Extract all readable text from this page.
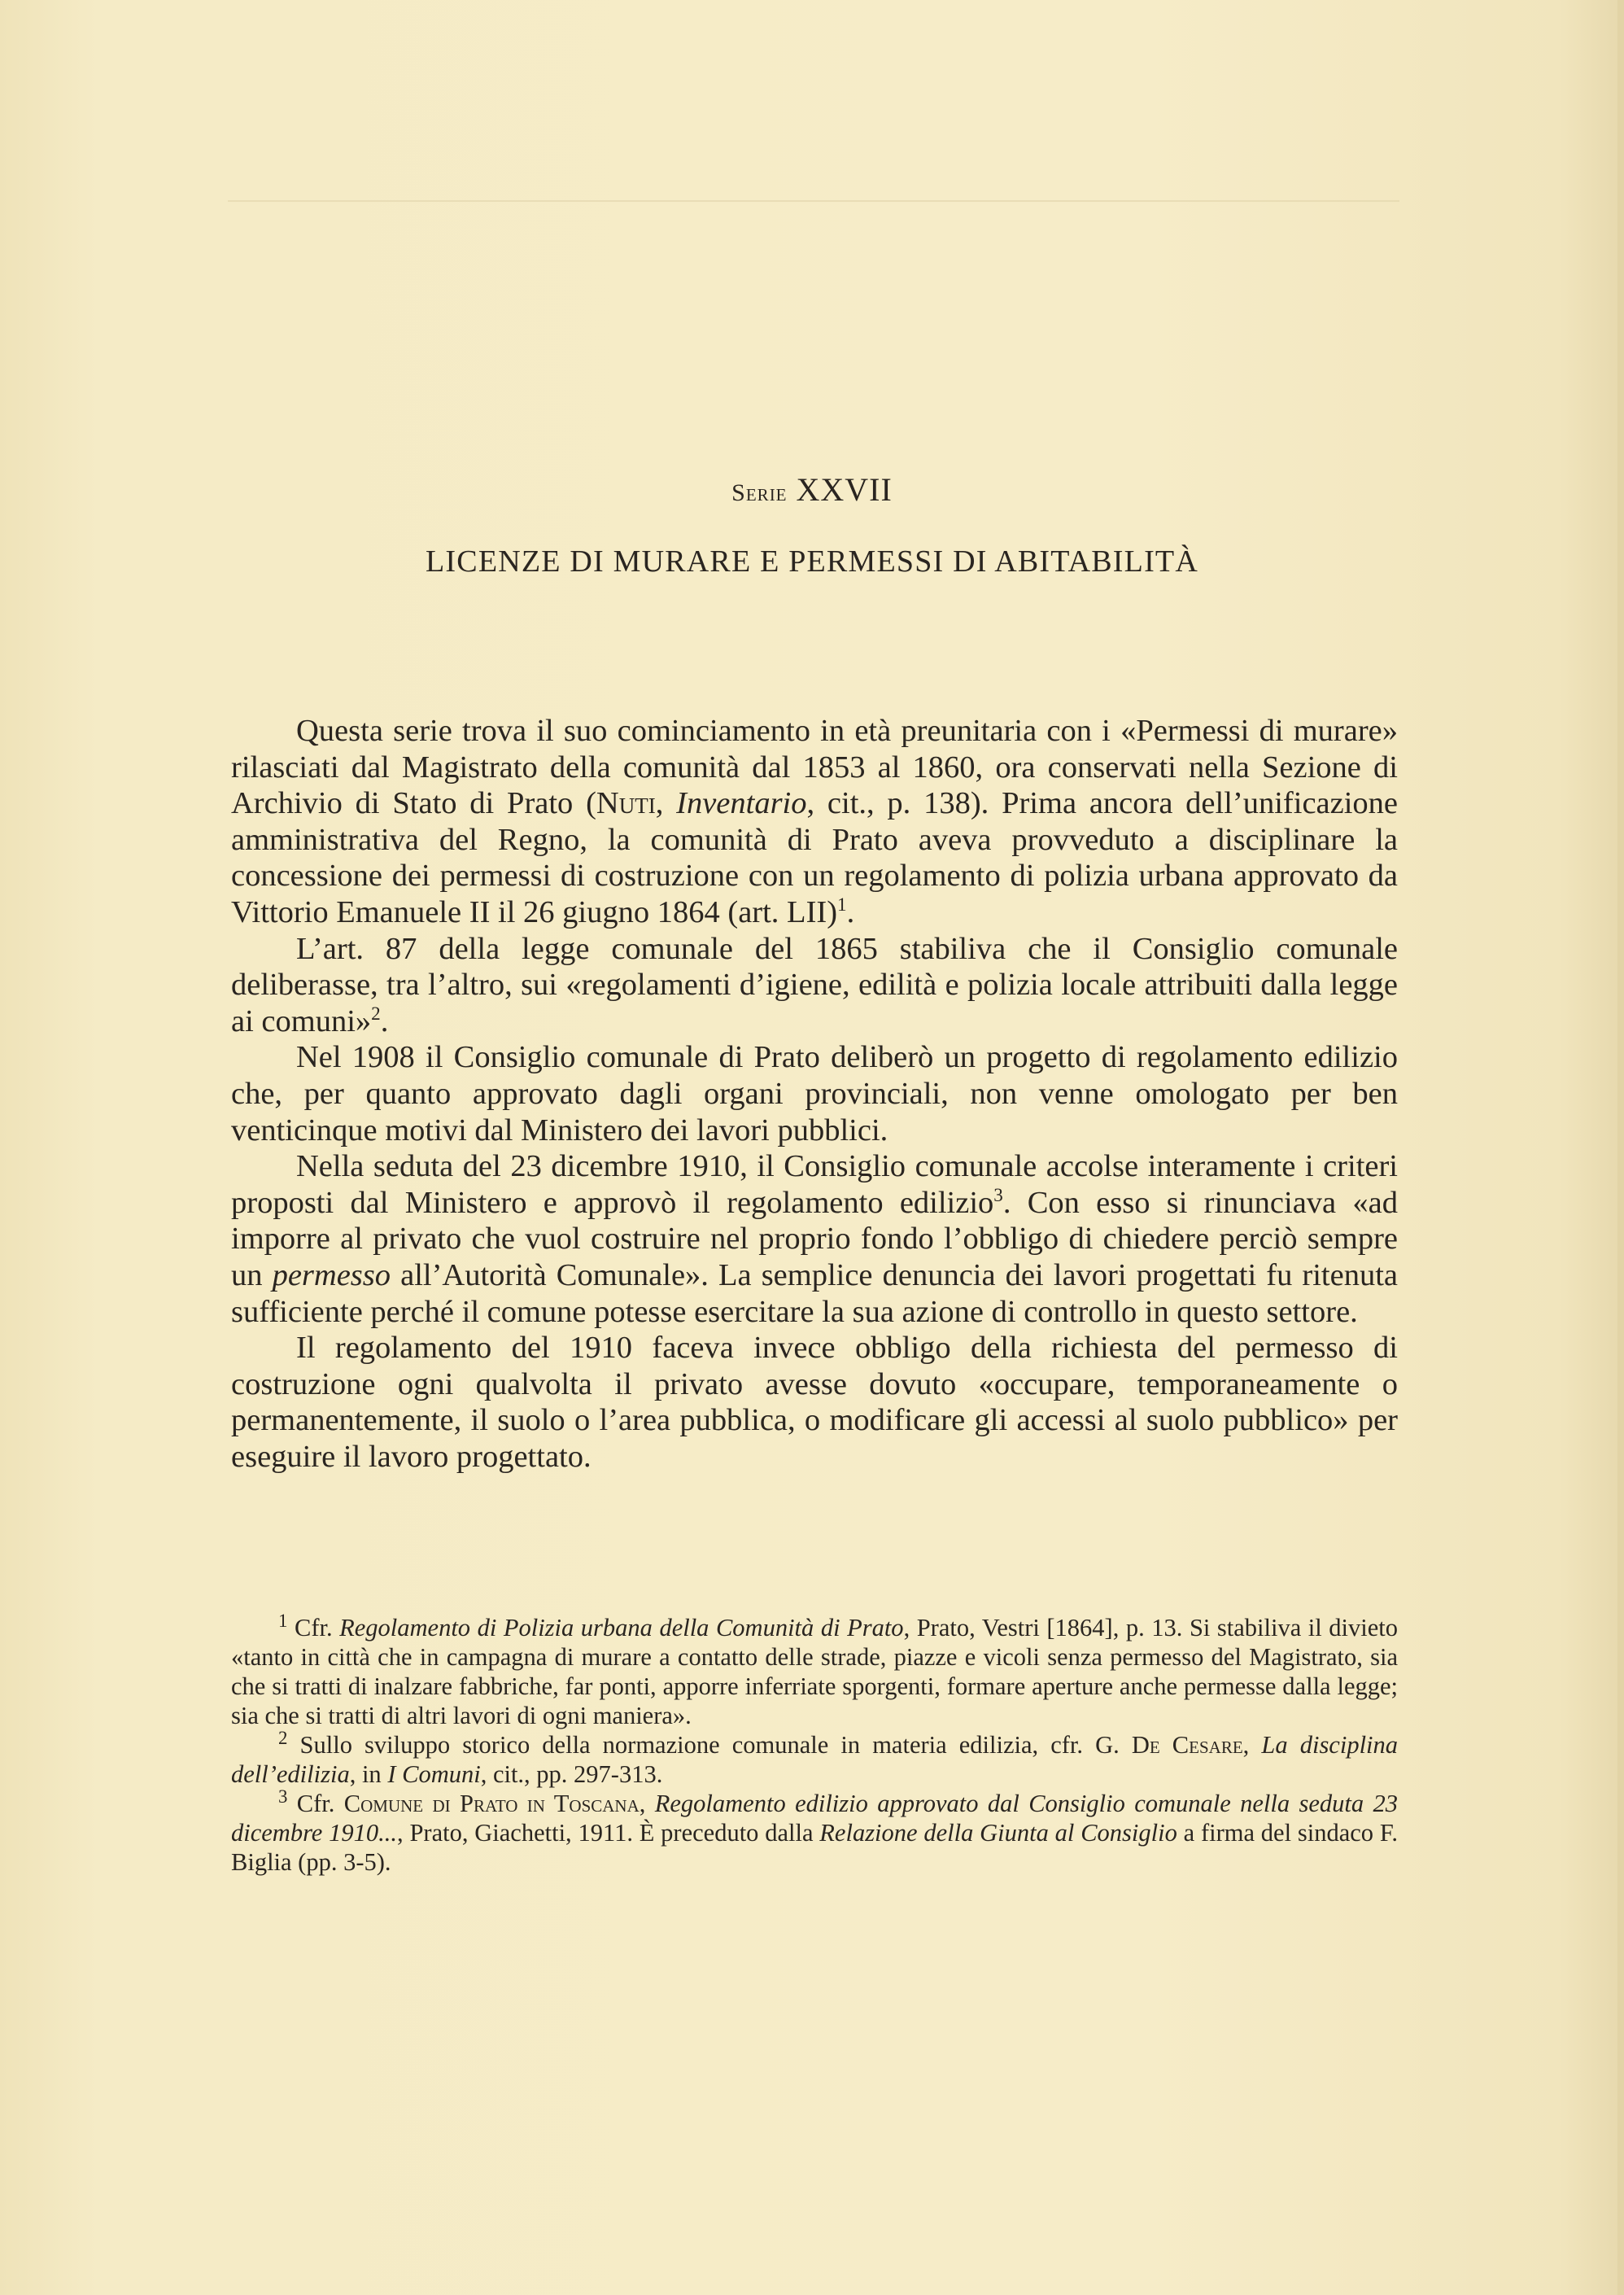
Serie XXVII
LICENZE DI MURARE E PERMESSI DI ABITABILITÀ

Questa serie trova il suo cominciamento in età preunitaria con i «Permessi di murare» rilasciati dal Magistrato della comunità dal 1853 al 1860, ora conservati nella Sezione di Archivio di Stato di Prato (Nuti, Inventario, cit., p. 138). Prima ancora dell’unificazione amministrativa del Regno, la comunità di Prato aveva provveduto a disciplinare la concessione dei permessi di costruzione con un regolamento di polizia urbana approvato da Vittorio Emanuele II il 26 giugno 1864 (art. LII)$^1$.

L’art. 87 della legge comunale del 1865 stabiliva che il Consiglio comunale deliberasse, tra l’altro, sui «regolamenti d’igiene, edilità e polizia locale attribuiti dalla legge ai comuni»$^2$.

Nel 1908 il Consiglio comunale di Prato deliberò un progetto di regolamento edilizio che, per quanto approvato dagli organi provinciali, non venne omologato per ben venticinque motivi dal Ministero dei lavori pubblici.

Nella seduta del 23 dicembre 1910, il Consiglio comunale accolse interamente i criteri proposti dal Ministero e approvò il regolamento edilizio$^3$. Con esso si rinunciava «ad imporre al privato che vuol costruire nel proprio fondo l’obbligo di chiedere perciò sempre un permesso all’Autorità Comunale». La semplice denuncia dei lavori progettati fu ritenuta sufficiente perché il comune potesse esercitare la sua azione di controllo in questo settore.

Il regolamento del 1910 faceva invece obbligo della richiesta del permesso di costruzione ogni qualvolta il privato avesse dovuto «occupare, temporaneamente o permanentemente, il suolo o l’area pubblica, o modificare gli accessi al suolo pubblico» per eseguire il lavoro progettato.

$^1$ Cfr. Regolamento di Polizia urbana della Comunità di Prato, Prato, Vestri [1864], p. 13. Si stabiliva il divieto «tanto in città che in campagna di murare a contatto delle strade, piazze e vicoli senza permesso del Magistrato, sia che si tratti di inalzare fabbriche, far ponti, apporre inferriate sporgenti, formare aperture anche permesse dalla legge; sia che si tratti di altri lavori di ogni maniera».

$^2$ Sullo sviluppo storico della normazione comunale in materia edilizia, cfr. G. De Cesare, La disciplina dell’edilizia, in I Comuni, cit., pp. 297-313.

$^3$ Cfr. Comune di Prato in Toscana, Regolamento edilizio approvato dal Consiglio comunale nella seduta 23 dicembre 1910..., Prato, Giachetti, 1911. È preceduto dalla Relazione della Giunta al Consiglio a firma del sindaco F. Biglia (pp. 3-5).
